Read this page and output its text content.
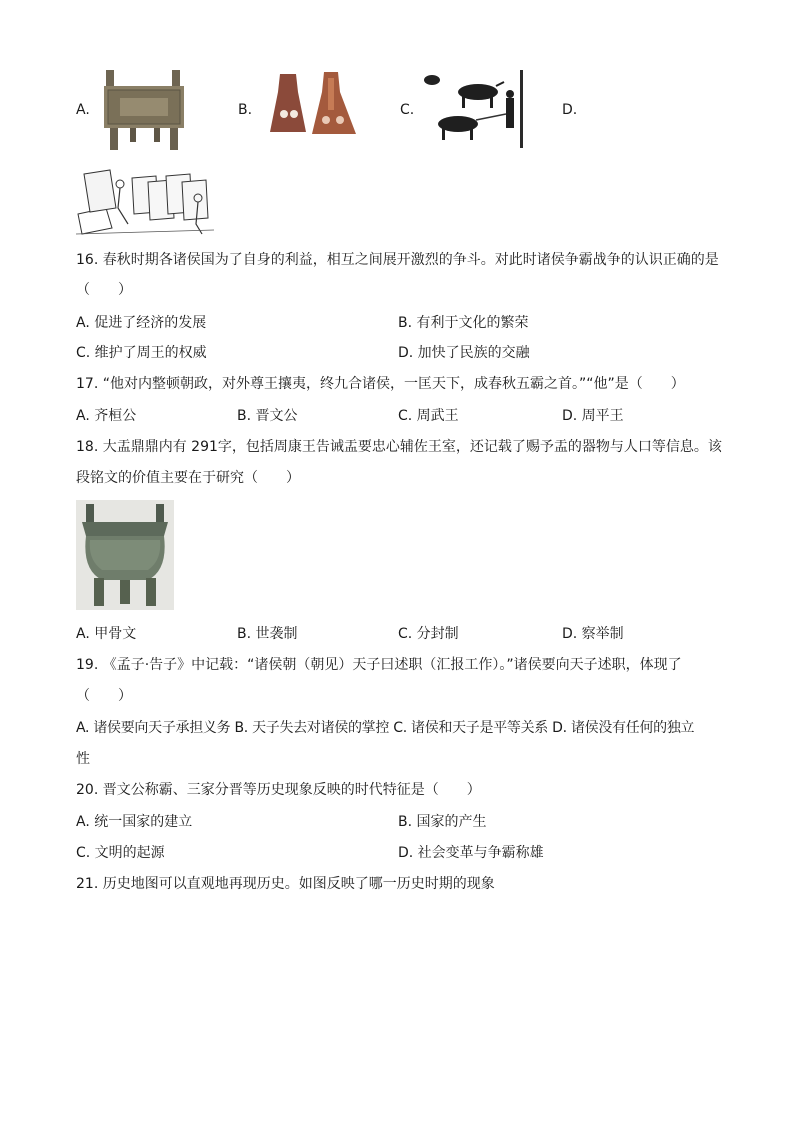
A.	B.	C.	D.
16. 春秋时期各诸侯国为了自身的利益，相互之间展开激烈的争斗。对此时诸侯争霸战争的认识正确的是
（　　）
A. 促进了经济的发展	B. 有利于文化的繁荣
C. 维护了周王的权威	D. 加快了民族的交融
17. “他对内整顿朝政，对外尊王攘夷，终九合诸侯，一匡天下，成春秋五霸之首。”“他”是（　　）
A. 齐桓公	B. 晋文公	C. 周武王	D. 周平王
18. 大盂鼎鼎内有 291字，包括周康王告诫盂要忠心辅佐王室，还记载了赐予盂的器物与人口等信息。该
段铭文的价值主要在于研究（　　）
A. 甲骨文	B. 世袭制	C. 分封制	D. 察举制
19. 《孟子·告子》中记载：“诸侯朝（朝见）天子曰述职（汇报工作）。”诸侯要向天子述职，体现了
（　　）
A. 诸侯要向天子承担义务 B. 天子失去对诸侯的掌控 C. 诸侯和天子是平等关系 D. 诸侯没有任何的独立
性
20. 晋文公称霸、三家分晋等历史现象反映的时代特征是（　　）
A. 统一国家的建立	B. 国家的产生
C. 文明的起源	D. 社会变革与争霸称雄
21. 历史地图可以直观地再现历史。如图反映了哪一历史时期的现象
